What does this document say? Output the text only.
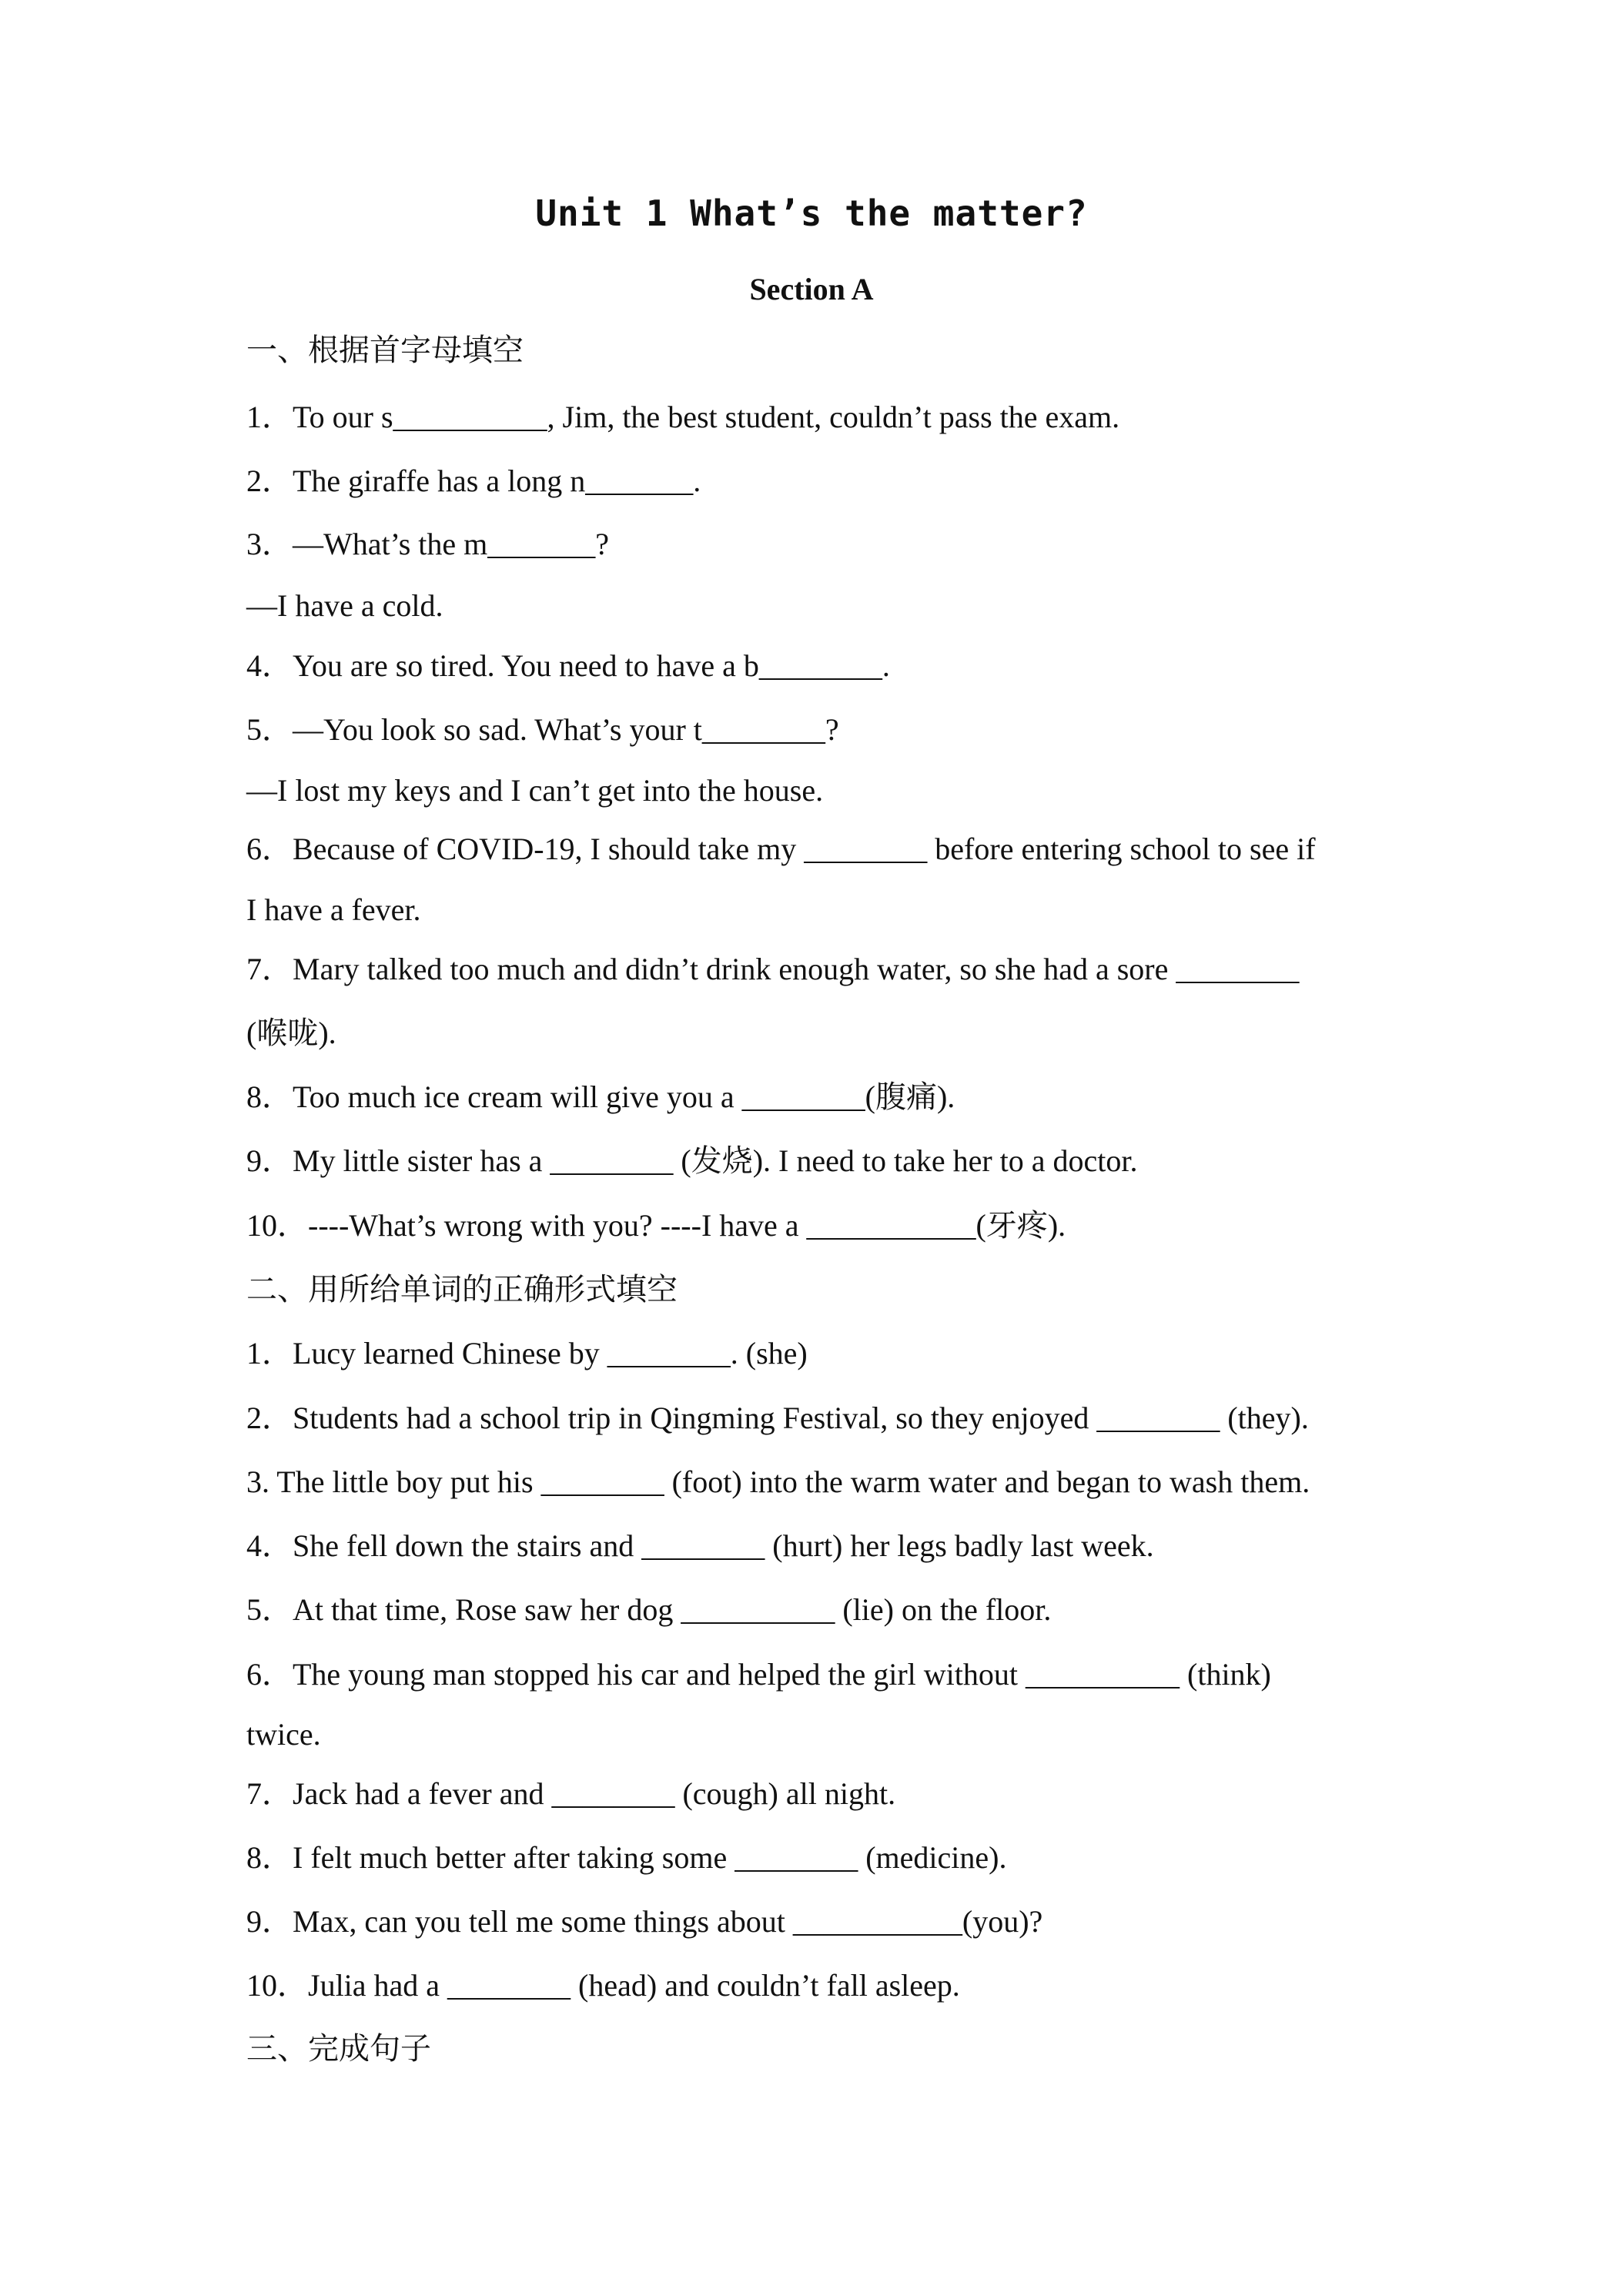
Unit 1 What’s the matter?
Section A
一、根据首字母填空
1．To our s__________, Jim, the best student, couldn’t pass the exam.
2．The giraffe has a long n_______.
3．—What’s the m_______?
—I have a cold.
4．You are so tired. You need to have a b________.
5．—You look so sad. What’s your t________?
—I lost my keys and I can’t get into the house.
6．Because of COVID-19, I should take my ________ before entering school to see if
I have a fever.
7．Mary talked too much and didn’t drink enough water, so she had a sore ________
(喉咙).
8．Too much ice cream will give you a ________(腹痛).
9．My little sister has a ________ (发烧). I need to take her to a doctor.
10．----What’s wrong with you? ----I have a ___________(牙疼).
二、用所给单词的正确形式填空
1．Lucy learned Chinese by ________. (she)
2．Students had a school trip in Qingming Festival, so they enjoyed ________ (they).
3. The little boy put his ________ (foot) into the warm water and began to wash them.
4．She fell down the stairs and ________ (hurt) her legs badly last week.
5．At that time, Rose saw her dog __________ (lie) on the floor.
6．The young man stopped his car and helped the girl without __________ (think)
twice.
7．Jack had a fever and ________ (cough) all night.
8．I felt much better after taking some ________ (medicine).
9．Max, can you tell me some things about ___________(you)?
10．Julia had a ________ (head) and couldn’t fall asleep.
三、完成句子
